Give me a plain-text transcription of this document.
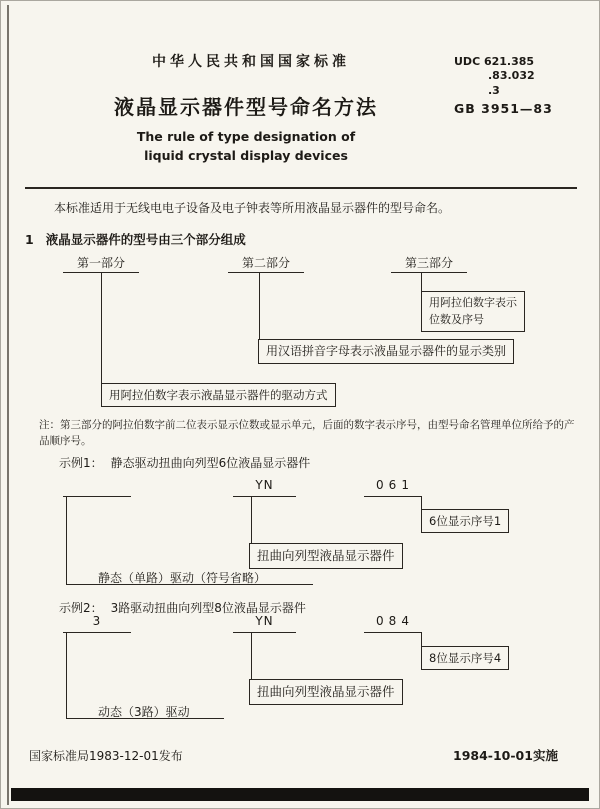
中华人民共和国国家标准	UDC 621.385
.83.032
.3
GB 3951—83
液晶显示器件型号命名方法
The rule of type designation of
liquid crystal display devices
本标准适用于无线电电子设备及电子钟表等所用液晶显示器件的型号命名。
1 液晶显示器件的型号由三个部分组成
第一部分	第二部分	第三部分
用阿拉伯数字表示位数及序号
用汉语拼音字母表示液晶显示器件的显示类别
用阿拉伯数字表示液晶显示器件的驱动方式
注：第三部分的阿拉伯数字前二位表示显示位数或显示单元，后面的数字表示序号，由型号命名管理单位所给予的产品顺序号。
示例1： 静态驱动扭曲向列型6位液晶显示器件
YN	061
6位显示序号1
扭曲向列型液晶显示器件
静态（单路）驱动（符号省略）
示例2： 3路驱动扭曲向列型8位液晶显示器件
3	YN	084
8位显示序号4
扭曲向列型液晶显示器件
动态（3路）驱动
国家标准局1983-12-01发布	1984-10-01实施
